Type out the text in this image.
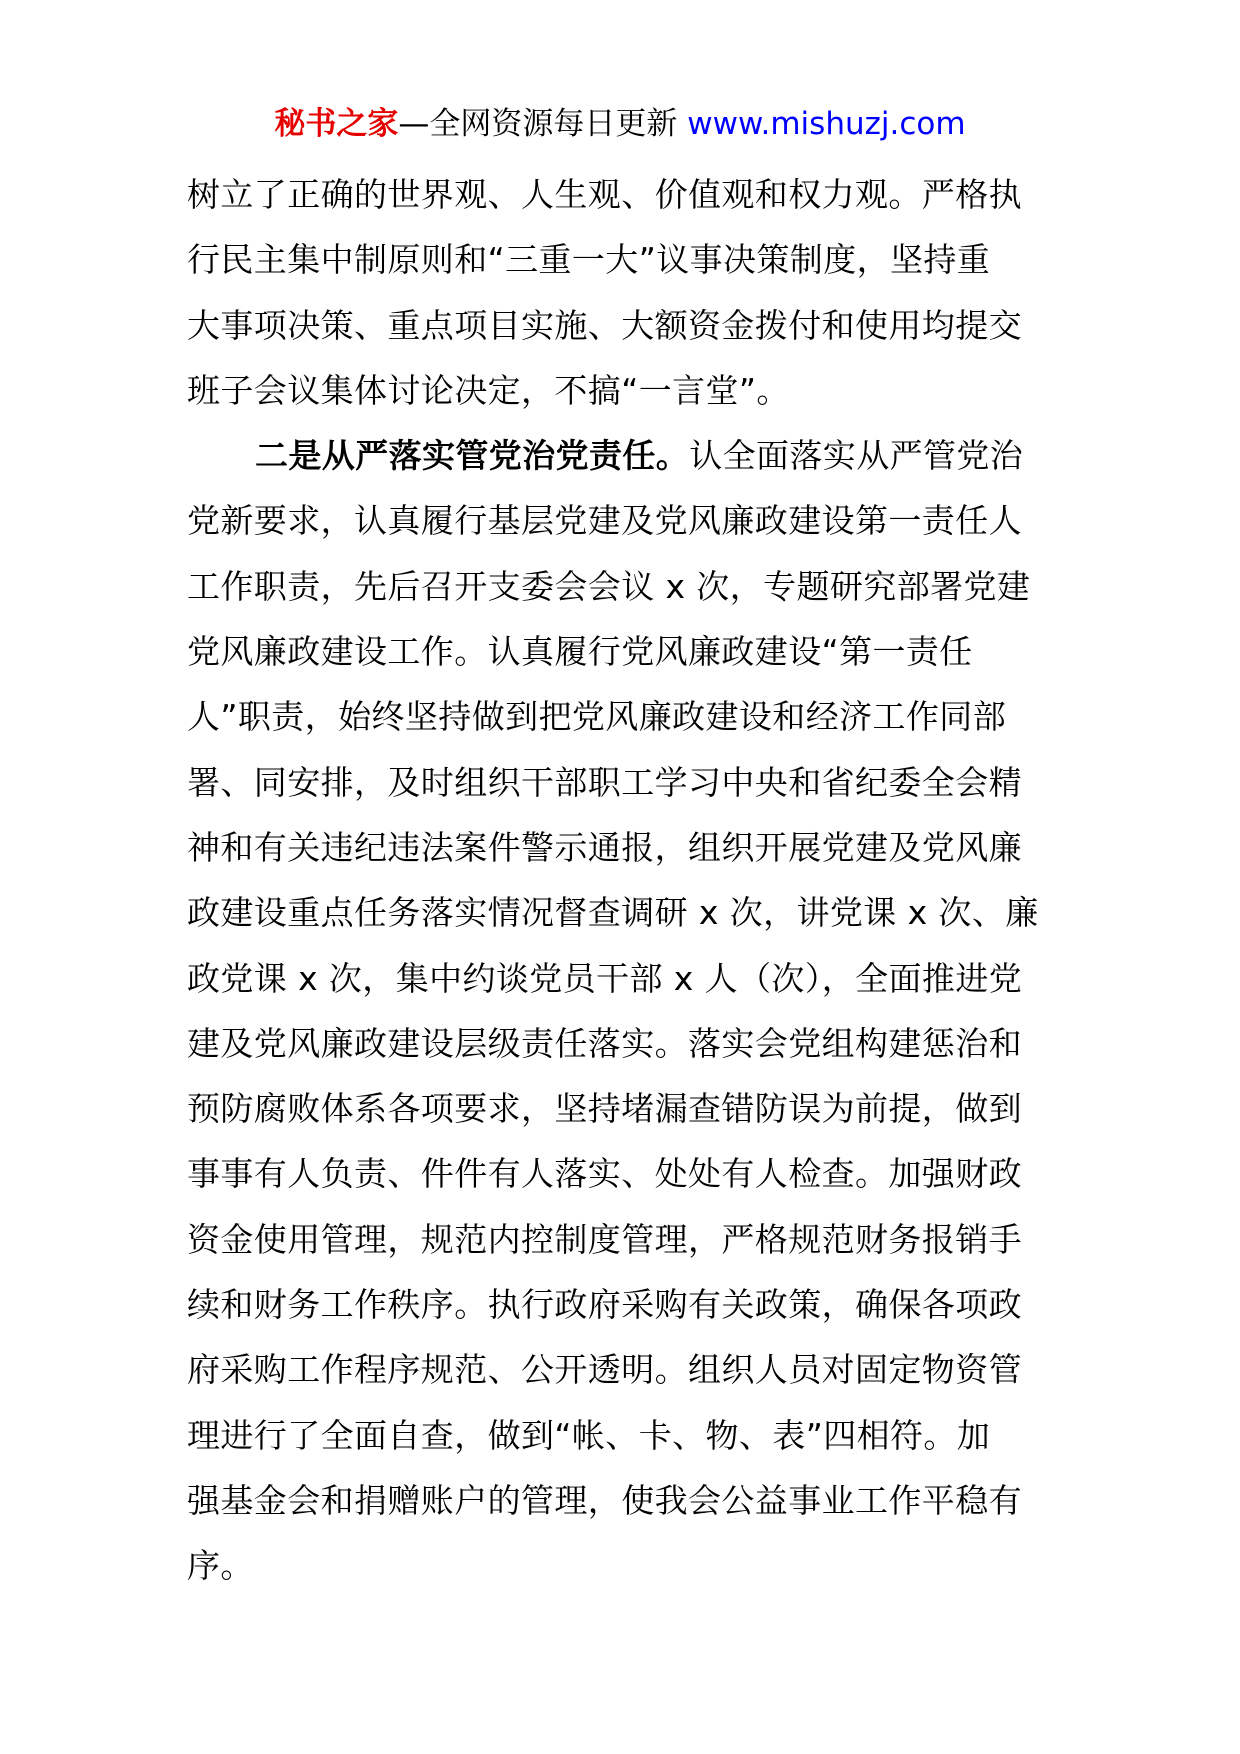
秘书之家—全网资源每日更新 www.mishuzj.com
树立了正确的世界观、人生观、价值观和权力观。严格执
行民主集中制原则和“三重一大”议事决策制度，坚持重
大事项决策、重点项目实施、大额资金拨付和使用均提交
班子会议集体讨论决定，不搞“一言堂”。
二是从严落实管党治党责任。认全面落实从严管党治
党新要求，认真履行基层党建及党风廉政建设第一责任人
工作职责，先后召开支委会会议 x 次，专题研究部署党建
党风廉政建设工作。认真履行党风廉政建设“第一责任
人”职责，始终坚持做到把党风廉政建设和经济工作同部
署、同安排，及时组织干部职工学习中央和省纪委全会精
神和有关违纪违法案件警示通报，组织开展党建及党风廉
政建设重点任务落实情况督查调研 x 次，讲党课 x 次、廉
政党课 x 次，集中约谈党员干部 x 人（次），全面推进党
建及党风廉政建设层级责任落实。落实会党组构建惩治和
预防腐败体系各项要求，坚持堵漏查错防误为前提，做到
事事有人负责、件件有人落实、处处有人检查。加强财政
资金使用管理，规范内控制度管理，严格规范财务报销手
续和财务工作秩序。执行政府采购有关政策，确保各项政
府采购工作程序规范、公开透明。组织人员对固定物资管
理进行了全面自查，做到“帐、卡、物、表”四相符。加
强基金会和捐赠账户的管理，使我会公益事业工作平稳有
序。
